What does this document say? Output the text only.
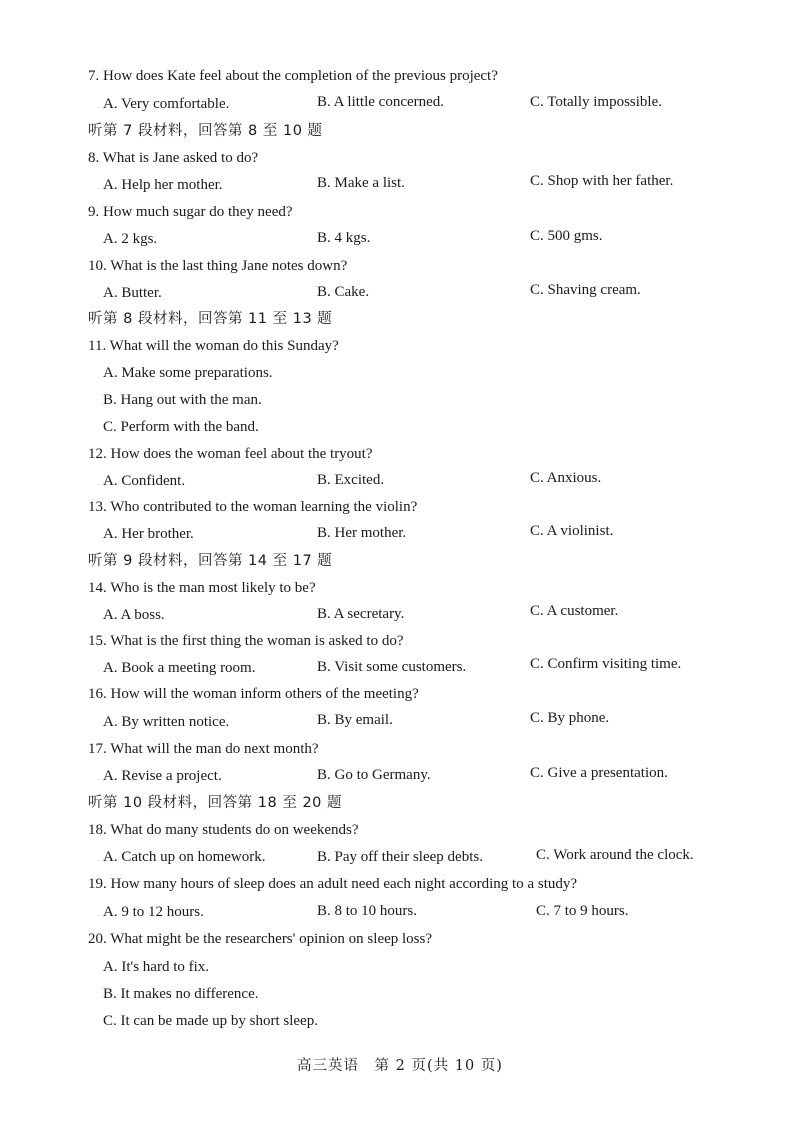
7. How does Kate feel about the completion of the previous project?
A. Very comfortable.	B. A little concerned.	C. Totally impossible.
听第 7 段材料，回答第 8 至 10 题
8. What is Jane asked to do?
A. Help her mother.	B. Make a list.	C. Shop with her father.
9. How much sugar do they need?
A. 2 kgs.	B. 4 kgs.	C. 500 gms.
10. What is the last thing Jane notes down?
A. Butter.	B. Cake.	C. Shaving cream.
听第 8 段材料，回答第 11 至 13 题
11. What will the woman do this Sunday?
A. Make some preparations.
B. Hang out with the man.
C. Perform with the band.
12. How does the woman feel about the tryout?
A. Confident.	B. Excited.	C. Anxious.
13. Who contributed to the woman learning the violin?
A. Her brother.	B. Her mother.	C. A violinist.
听第 9 段材料，回答第 14 至 17 题
14. Who is the man most likely to be?
A. A boss.	B. A secretary.	C. A customer.
15. What is the first thing the woman is asked to do?
A. Book a meeting room.	B. Visit some customers.	C. Confirm visiting time.
16. How will the woman inform others of the meeting?
A. By written notice.	B. By email.	C. By phone.
17. What will the man do next month?
A. Revise a project.	B. Go to Germany.	C. Give a presentation.
听第 10 段材料，回答第 18 至 20 题
18. What do many students do on weekends?
A. Catch up on homework.	B. Pay off their sleep debts.	C. Work around the clock.
19. How many hours of sleep does an adult need each night according to a study?
A. 9 to 12 hours.	B. 8 to 10 hours.	C. 7 to 9 hours.
20. What might be the researchers' opinion on sleep loss?
A. It's hard to fix.
B. It makes no difference.
C. It can be made up by short sleep.
高三英语　第 2 页(共 10 页)
